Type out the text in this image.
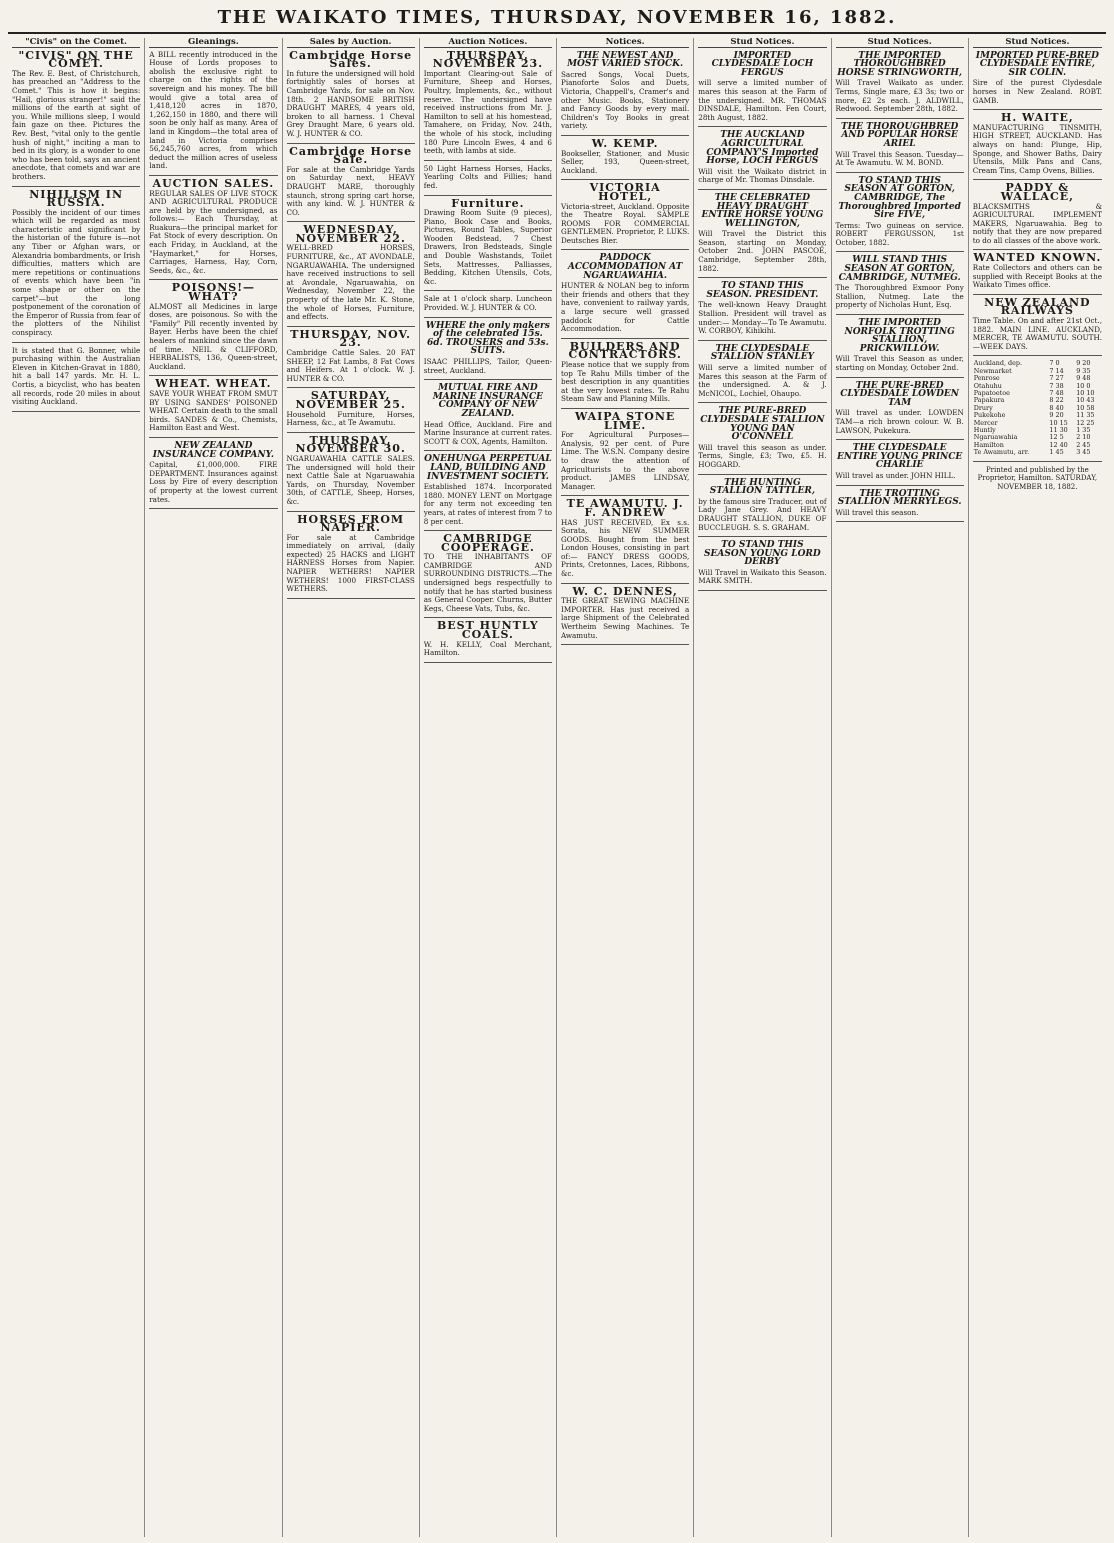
THE WAIKATO TIMES, THURSDAY, NOVEMBER 16, 1882.
"Civis" on the Comet.
"CIVIS" ON THE COMET.
The Rev. E. Best, of Christchurch, has preached an "Address to the Comet." This is how it begins: "Hail, glorious stranger!" said the millions of the earth at sight of you. While millions sleep, I would fain gaze on thee. Pictures the Rev. Best, "vital only to the gentle hush of night," inciting a man to bed in its glory, is a wonder to one who has been told, says an ancient anecdote, that comets and war are brothers.
NIHILISM IN RUSSIA.
Possibly the incident of our times which will be regarded as most characteristic and significant by the historian of the future is—not any Tiber or Afghan wars, or Alexandria bombardments, or Irish difficulties, matters which are mere repetitions or continuations of events which have been "in some shape or other on the carpet"—but the long postponement of the coronation of the Emperor of Russia from fear of the plotters of the Nihilist conspiracy.
It is stated that G. Bonner, while purchasing within the Australian Eleven in Kitchen-Gravat in 1880, hit a ball 147 yards. Mr. H. L. Cortis, a bicyclist, who has beaten all records, rode 20 miles in about visiting Auckland.
Gleanings.
A BILL recently introduced in the House of Lords proposes to abolish the exclusive right to charge on the rights of the sovereign and his money. The bill would give a total area of 1,418,120 acres in 1870, 1,262,150 in 1880, and there will soon be only half as many. Area of land in Kingdom—the total area of land in Victoria comprises 56,245,760 acres, from which deduct the million acres of useless land.
AUCTION SALES.
REGULAR SALES OF LIVE STOCK AND AGRICULTURAL PRODUCE are held by the undersigned, as follows:— Each Thursday, at Ruakura—the principal market for Fat Stock of every description. On each Friday, in Auckland, at the "Haymarket," for Horses, Carriages, Harness, Hay, Corn, Seeds, &c., &c.
POISONS!—WHAT?
ALMOST all Medicines in large doses, are poisonous. So with the "Family" Pill recently invented by Bayer. Herbs have been the chief healers of mankind since the dawn of time. NEIL & CLIFFORD, HERBALISTS, 136, Queen-street, Auckland.
WHEAT. WHEAT.
SAVE YOUR WHEAT FROM SMUT BY USING SANDES' POISONED WHEAT. Certain death to the small birds. SANDES & Co., Chemists, Hamilton East and West.
NEW ZEALAND INSURANCE COMPANY.
Capital, £1,000,000. FIRE DEPARTMENT. Insurances against Loss by Fire of every description of property at the lowest current rates.
Sales by Auction.
Cambridge Horse Sales.
In future the undersigned will hold fortnightly sales of horses at Cambridge Yards, for sale on Nov. 18th. 2 HANDSOME BRITISH DRAUGHT MARES, 4 years old, broken to all harness. 1 Cheval Grey Draught Mare, 6 years old. W. J. HUNTER & CO.
Cambridge Horse Sale.
For sale at the Cambridge Yards on Saturday next, HEAVY DRAUGHT MARE, thoroughly staunch, strong spring cart horse, with any kind. W. J. HUNTER & CO.
WEDNESDAY, NOVEMBER 22.
WELL-BRED HORSES, FURNITURE, &c., AT AVONDALE, NGARUAWAHIA. The undersigned have received instructions to sell at Avondale, Ngaruawahia, on Wednesday, November 22, the property of the late Mr. K. Stone, the whole of Horses, Furniture, and effects.
THURSDAY, NOV. 23.
Cambridge Cattle Sales. 20 FAT SHEEP, 12 Fat Lambs, 8 Fat Cows and Heifers. At 1 o'clock. W. J. HUNTER & CO.
SATURDAY, NOVEMBER 25.
Household Furniture, Horses, Harness, &c., at Te Awamutu.
THURSDAY, NOVEMBER 30.
NGARUAWAHIA CATTLE SALES. The undersigned will hold their next Cattle Sale at Ngaruawahia Yards, on Thursday, November 30th, of CATTLE, Sheep, Horses, &c.
HORSES FROM NAPIER.
For sale at Cambridge immediately on arrival, (daily expected) 25 HACKS and LIGHT HARNESS Horses from Napier. NAPIER WETHERS! NAPIER WETHERS! 1000 FIRST-CLASS WETHERS.
Auction Notices.
THURSDAY, NOVEMBER 23.
Important Clearing-out Sale of Furniture, Sheep and Horses, Poultry, Implements, &c., without reserve. The undersigned have received instructions from Mr. J. Hamilton to sell at his homestead, Tamahere, on Friday, Nov. 24th, the whole of his stock, including 180 Pure Lincoln Ewes, 4 and 6 teeth, with lambs at side.
50 Light Harness Horses, Hacks, Yearling Colts and Fillies; hand fed.
Furniture.
Drawing Room Suite (9 pieces), Piano, Book Case and Books, Pictures, Round Tables, Superior Wooden Bedstead, 7 Chest Drawers, Iron Bedsteads, Single and Double Washstands, Toilet Sets, Mattresses, Palliasses, Bedding, Kitchen Utensils, Cots, &c.
Sale at 1 o'clock sharp. Luncheon Provided. W. J. HUNTER & CO.
WHERE the only makers of the celebrated 15s. 6d. TROUSERS and 53s. SUITS.
ISAAC PHILLIPS, Tailor, Queen-street, Auckland.
MUTUAL FIRE AND MARINE INSURANCE COMPANY OF NEW ZEALAND.
Head Office, Auckland. Fire and Marine Insurance at current rates. SCOTT & COX, Agents, Hamilton.
ONEHUNGA PERPETUAL LAND, BUILDING AND INVESTMENT SOCIETY.
Established 1874. Incorporated 1880. MONEY LENT on Mortgage for any term not exceeding ten years, at rates of interest from 7 to 8 per cent.
CAMBRIDGE COOPERAGE.
TO THE INHABITANTS OF CAMBRIDGE AND SURROUNDING DISTRICTS.—The undersigned begs respectfully to notify that he has started business as General Cooper. Churns, Butter Kegs, Cheese Vats, Tubs, &c.
BEST HUNTLY COALS.
W. H. KELLY, Coal Merchant, Hamilton.
Notices.
THE NEWEST AND MOST VARIED STOCK.
Sacred Songs, Vocal Duets, Pianoforte Solos and Duets, Victoria, Chappell's, Cramer's and other Music. Books, Stationery and Fancy Goods by every mail. Children's Toy Books in great variety.
W. KEMP.
Bookseller, Stationer, and Music Seller, 193, Queen-street, Auckland.
VICTORIA HOTEL,
Victoria-street, Auckland. Opposite the Theatre Royal. SAMPLE ROOMS FOR COMMERCIAL GENTLEMEN. Proprietor, P. LUKS. Deutsches Bier.
PADDOCK ACCOMMODATION AT NGARUAWAHIA.
HUNTER & NOLAN beg to inform their friends and others that they have, convenient to railway yards, a large secure well grassed paddock for Cattle Accommodation.
BUILDERS AND CONTRACTORS.
Please notice that we supply from top Te Rahu Mills timber of the best description in any quantities at the very lowest rates. Te Rahu Steam Saw and Planing Mills.
WAIPA STONE LIME.
For Agricultural Purposes—Analysis, 92 per cent. of Pure Lime. The W.S.N. Company desire to draw the attention of Agriculturists to the above product. JAMES LINDSAY, Manager.
TE AWAMUTU. J. F. ANDREW
HAS JUST RECEIVED, Ex s.s. Sorata, his NEW SUMMER GOODS. Bought from the best London Houses, consisting in part of:— FANCY DRESS GOODS, Prints, Cretonnes, Laces, Ribbons, &c.
W. C. DENNES,
THE GREAT SEWING MACHINE IMPORTER. Has just received a large Shipment of the Celebrated Wertheim Sewing Machines. Te Awamutu.
Stud Notices.
IMPORTED CLYDESDALE LOCH FERGUS
will serve a limited number of mares this season at the Farm of the undersigned. MR. THOMAS DINSDALE, Hamilton. Fen Court, 28th August, 1882.
THE AUCKLAND AGRICULTURAL COMPANY'S Imported Horse, LOCH FERGUS
Will visit the Waikato district in charge of Mr. Thomas Dinsdale.
THE CELEBRATED HEAVY DRAUGHT ENTIRE HORSE YOUNG WELLINGTON,
Will Travel the District this Season, starting on Monday, October 2nd. JOHN PASCOE, Cambridge, September 28th, 1882.
TO STAND THIS SEASON. PRESIDENT.
The well-known Heavy Draught Stallion. President will travel as under:— Monday—To Te Awamutu. W. CORBOY, Kihikihi.
THE CLYDESDALE STALLION STANLEY
Will serve a limited number of Mares this season at the Farm of the undersigned. A. & J. McNICOL, Lochiel, Ohaupo.
THE PURE-BRED CLYDESDALE STALLION YOUNG DAN O'CONNELL
Will travel this season as under. Terms, Single, £3; Two, £5. H. HOGGARD.
THE HUNTING STALLION TATTLER,
by the famous sire Traducer, out of Lady Jane Grey. And HEAVY DRAUGHT STALLION, DUKE OF BUCCLEUGH. S. S. GRAHAM.
TO STAND THIS SEASON YOUNG LORD DERBY
Will Travel in Waikato this Season. MARK SMITH.
Stud Notices.
THE IMPORTED THOROUGHBRED HORSE STRINGWORTH,
Will Travel Waikato as under. Terms, Single mare, £3 3s; two or more, £2 2s each. J. ALDWILL, Redwood. September 28th, 1882.
THE THOROUGHBRED AND POPULAR HORSE ARIEL
Will Travel this Season. Tuesday—At Te Awamutu. W. M. BOND.
TO STAND THIS SEASON AT GORTON, CAMBRIDGE, The Thoroughbred Imported Sire FIVE,
Terms: Two guineas on service. ROBERT FERGUSSON, 1st October, 1882.
WILL STAND THIS SEASON AT GORTON, CAMBRIDGE, NUTMEG.
The Thoroughbred Exmoor Pony Stallion, Nutmeg. Late the property of Nicholas Hunt, Esq.
THE IMPORTED NORFOLK TROTTING STALLION, PRICKWILLOW.
Will Travel this Season as under, starting on Monday, October 2nd.
THE PURE-BRED CLYDESDALE LOWDEN TAM
Will travel as under. LOWDEN TAM—a rich brown colour. W. B. LAWSON, Pukekura.
THE CLYDESDALE ENTIRE YOUNG PRINCE CHARLIE
Will travel as under. JOHN HILL.
THE TROTTING STALLION MERRYLEGS.
Will travel this season.
Stud Notices.
IMPORTED PURE-BRED CLYDESDALE ENTIRE, SIR COLIN.
Sire of the purest Clydesdale horses in New Zealand. ROBT. GAMB.
H. WAITE,
MANUFACTURING TINSMITH, HIGH STREET, AUCKLAND. Has always on hand: Plunge, Hip, Sponge, and Shower Baths, Dairy Utensils, Milk Pans and Cans, Cream Tins, Camp Ovens, Billies.
PADDY & WALLACE,
BLACKSMITHS & AGRICULTURAL IMPLEMENT MAKERS, Ngaruawahia. Beg to notify that they are now prepared to do all classes of the above work.
WANTED KNOWN.
Rate Collectors and others can be supplied with Receipt Books at the Waikato Times office.
NEW ZEALAND RAILWAYS
Time Table. On and after 21st Oct., 1882. MAIN LINE. AUCKLAND, MERCER, TE AWAMUTU. SOUTH.—WEEK DAYS.
Auckland, dep.	7 0	9 20
Newmarket	7 14	9 35
Penrose	7 27	9 48
Otahuhu	7 38	10 0
Papatoetoe	7 48	10 10
Papakura	8 22	10 43
Drury	8 40	10 58
Pukekohe	9 20	11 35
Mercer	10 15	12 25
Huntly	11 30	1 35
Ngaruawahia	12 5	2 10
Hamilton	12 40	2 45
Te Awamutu, arr.	1 45	3 45
Printed and published by the Proprietor, Hamilton. SATURDAY, NOVEMBER 18, 1882.
